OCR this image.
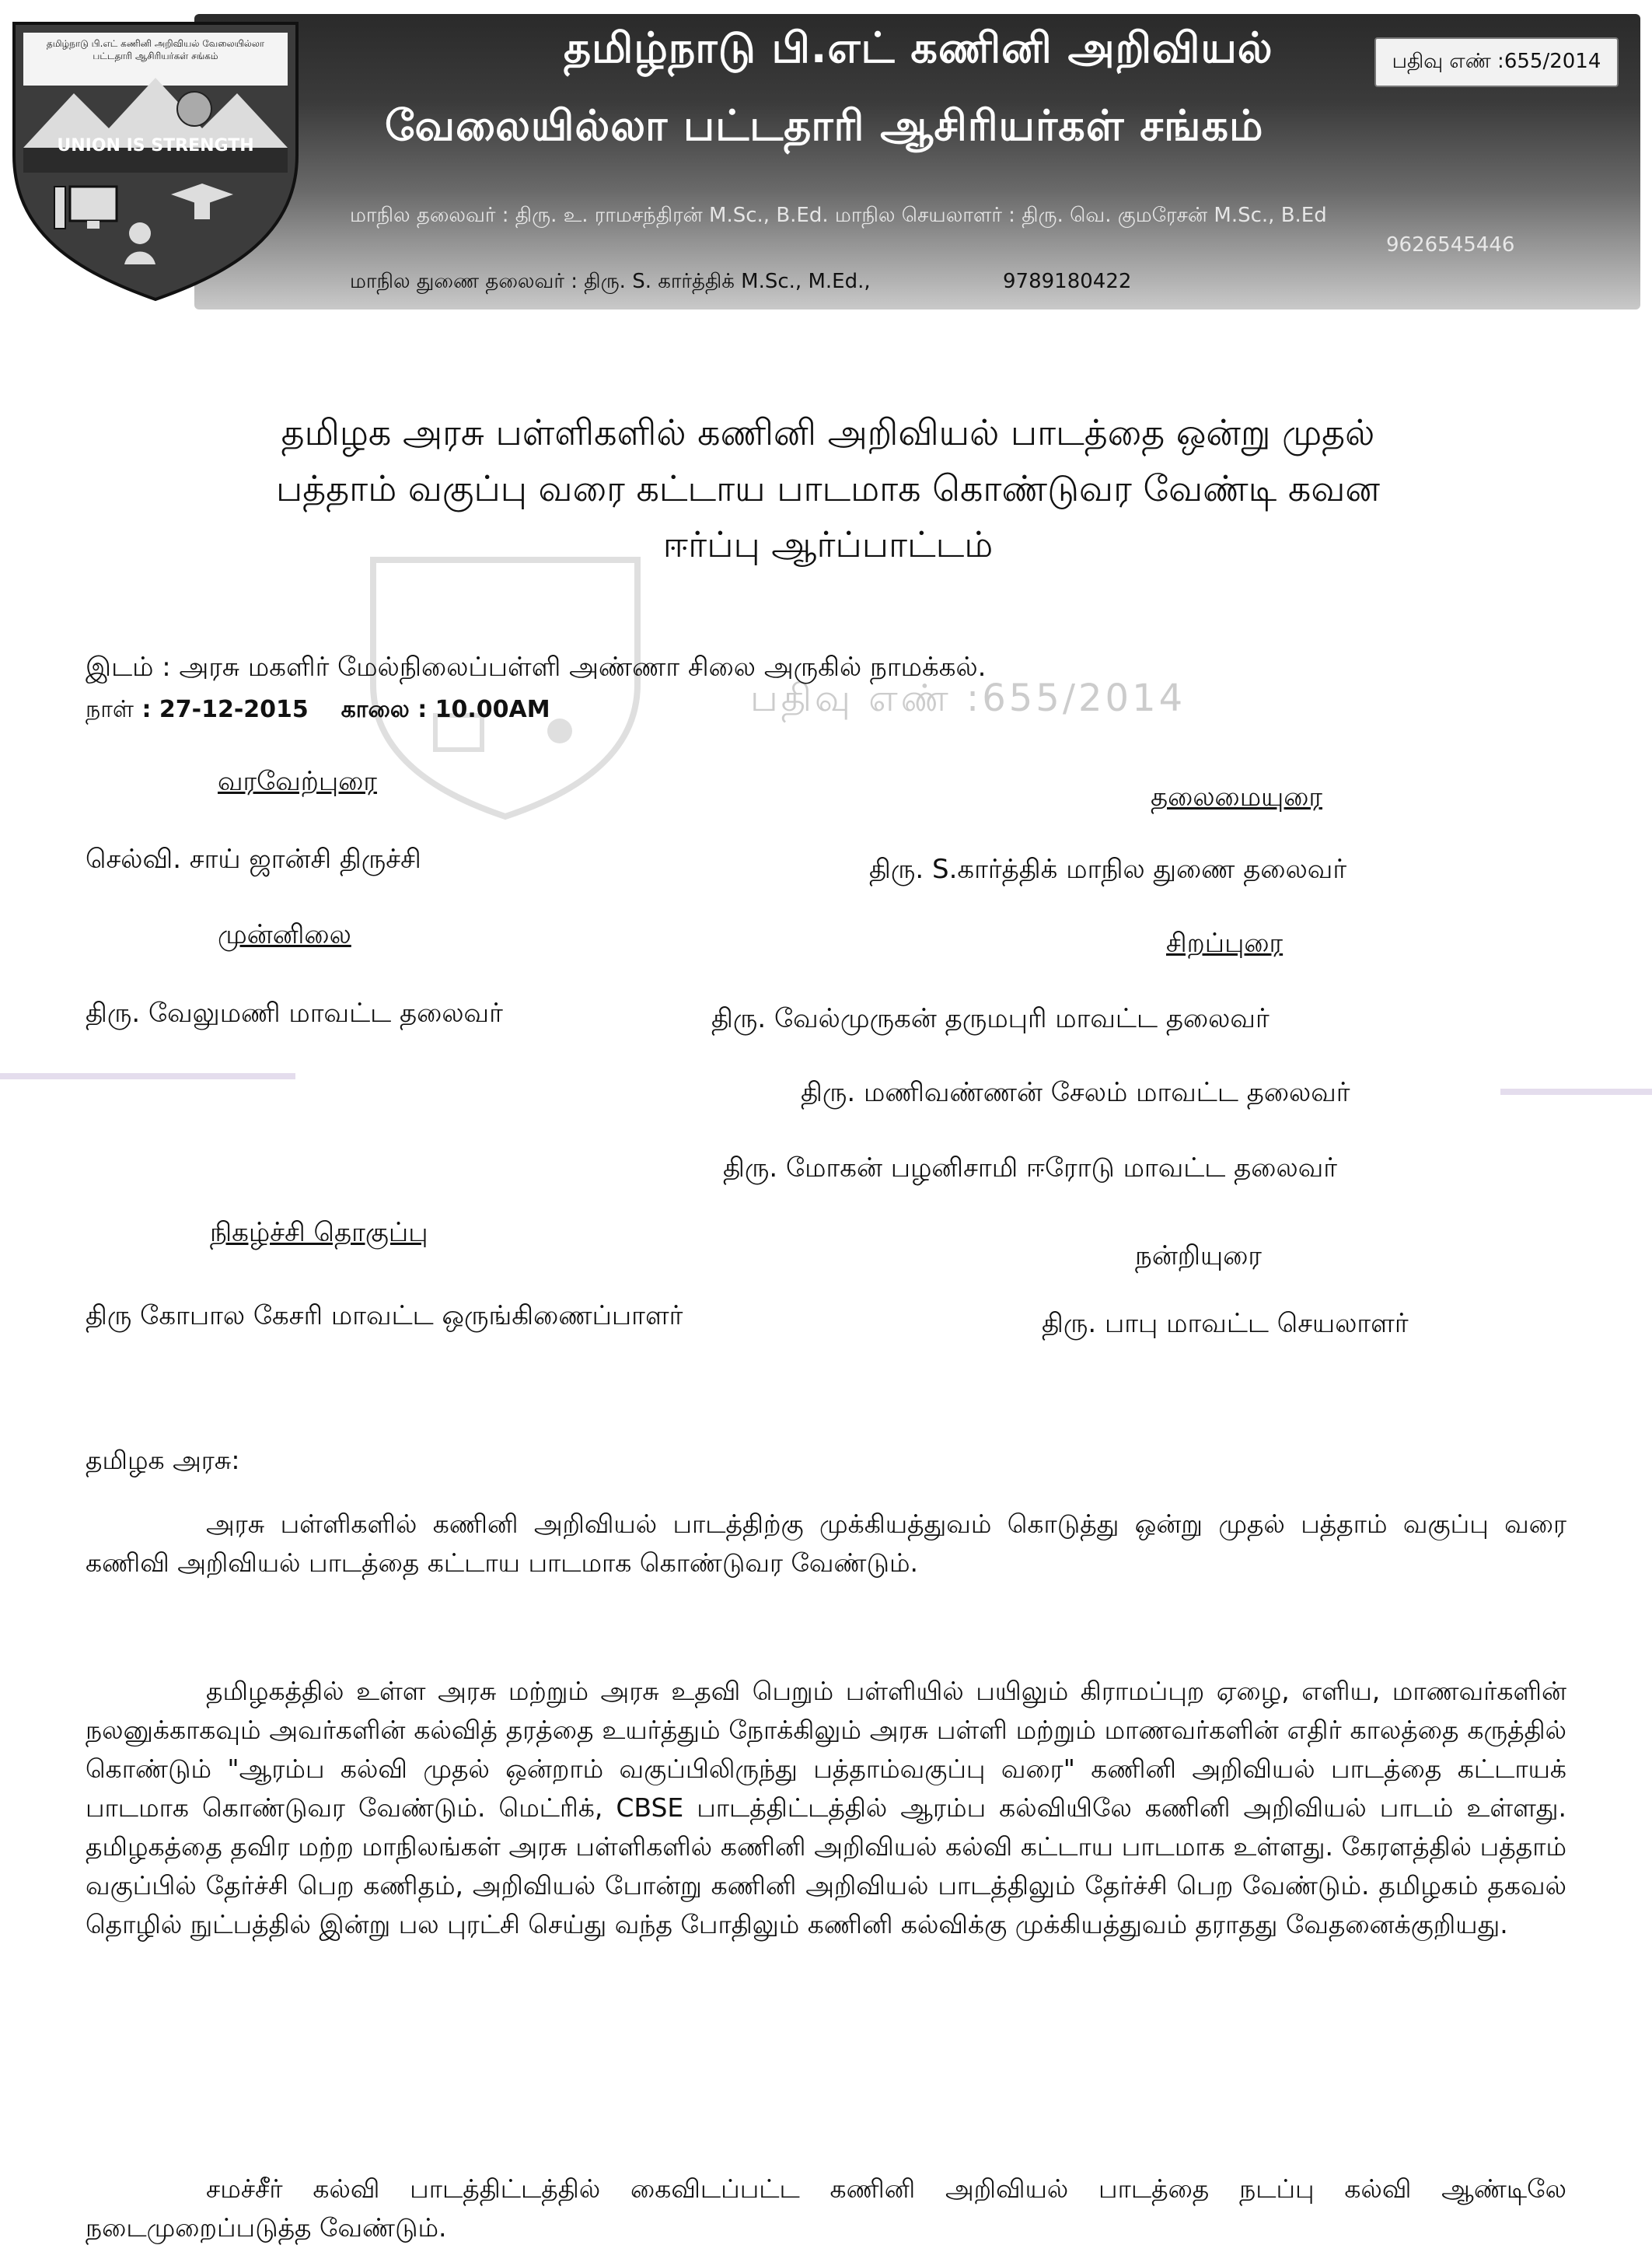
தமிழ்நாடு பி.எட் கணினி அறிவியல் வேலையில்லா பட்டதாரி ஆசிரியர்கள் சங்கம்
UNION IS STRENGTH
தமிழ்நாடு பி.எட் கணினி அறிவியல்
வேலையில்லா பட்டதாரி ஆசிரியர்கள் சங்கம்
பதிவு எண் :655/2014
மாநில தலைவர் : திரு. உ. ராமசந்திரன் M.Sc., B.Ed. மாநில செயலாளர் : திரு. வெ. குமரேசன் M.Sc., B.Ed
9626545446
மாநில துணை தலைவர் : திரு. S. கார்த்திக் M.Sc., M.Ed.,	9789180422

தமிழக அரசு பள்ளிகளில் கணினி அறிவியல் பாடத்தை ஒன்று முதல்

பத்தாம் வகுப்பு வரை கட்டாய பாடமாக கொண்டுவர வேண்டி கவன

ஈர்ப்பு ஆர்ப்பாட்டம்

பதிவு எண் :655/2014
இடம் : அரசு மகளிர் மேல்நிலைப்பள்ளி அண்ணா சிலை அருகில் நாமக்கல்.
நாள் : 27-12-2015 காலை : 10.00AM
வரவேற்புரை	தலைமையுரை
செல்வி. சாய் ஜான்சி திருச்சி	திரு. S.கார்த்திக் மாநில துணை தலைவர்
முன்னிலை	சிறப்புரை
திரு. வேலுமணி மாவட்ட தலைவர்	திரு. வேல்முருகன் தருமபுரி மாவட்ட தலைவர்
திரு. மணிவண்ணன் சேலம் மாவட்ட தலைவர்
திரு. மோகன் பழனிசாமி ஈரோடு மாவட்ட தலைவர்
நிகழ்ச்சி தொகுப்பு
நன்றியுரை
திரு கோபால கேசரி மாவட்ட ஒருங்கிணைப்பாளர்	திரு. பாபு மாவட்ட செயலாளர்
தமிழக அரசு:

அரசு பள்ளிகளில் கணினி அறிவியல் பாடத்திற்கு முக்கியத்துவம் கொடுத்து ஒன்று முதல் பத்தாம் வகுப்பு வரை கணிவி அறிவியல் பாடத்தை கட்டாய பாடமாக கொண்டுவர வேண்டும்.

தமிழகத்தில் உள்ள அரசு மற்றும் அரசு உதவி பெறும் பள்ளியில் பயிலும் கிராமப்புற ஏழை, எளிய, மாணவர்களின் நலனுக்காகவும் அவர்களின் கல்வித் தரத்தை உயர்த்தும் நோக்கிலும் அரசு பள்ளி மற்றும் மாணவர்களின் எதிர் காலத்தை கருத்தில் கொண்டும் "ஆரம்ப கல்வி முதல் ஒன்றாம் வகுப்பிலிருந்து பத்தாம்வகுப்பு வரை" கணினி அறிவியல் பாடத்தை கட்டாயக் பாடமாக கொண்டுவர வேண்டும். மெட்ரிக், CBSE பாடத்திட்டத்தில் ஆரம்ப கல்வியிலே கணினி அறிவியல் பாடம் உள்ளது. தமிழகத்தை தவிர மற்ற மாநிலங்கள் அரசு பள்ளிகளில் கணினி அறிவியல் கல்வி கட்டாய பாடமாக உள்ளது. கேரளத்தில் பத்தாம் வகுப்பில் தேர்ச்சி பெற கணிதம், அறிவியல் போன்று கணினி அறிவியல் பாடத்திலும் தேர்ச்சி பெற வேண்டும். தமிழகம் தகவல் தொழில் நுட்பத்தில் இன்று பல புரட்சி செய்து வந்த போதிலும் கணினி கல்விக்கு முக்கியத்துவம் தராதது வேதனைக்குறியது.

சமச்சீர் கல்வி பாடத்திட்டத்தில் கைவிடப்பட்ட கணினி அறிவியல் பாடத்தை நடப்பு கல்வி ஆண்டிலே நடைமுறைப்படுத்த வேண்டும்.
